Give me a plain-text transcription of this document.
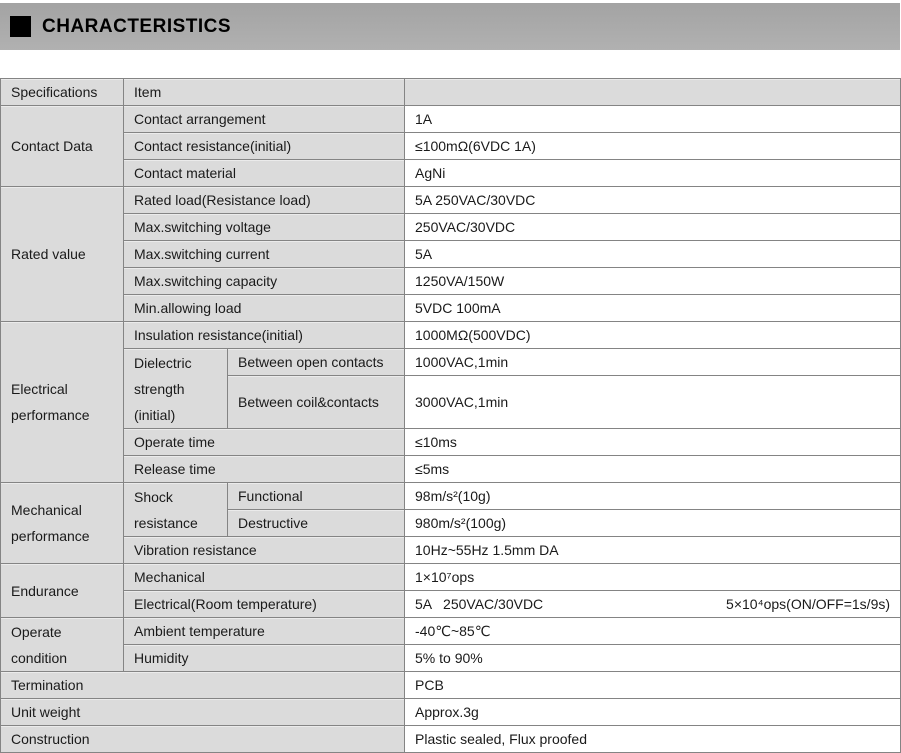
CHARACTERISTICS
Specifications	Item		
Contact Data	Contact arrangement		1A
	Contact resistance(initial)		≤100mΩ(6VDC 1A)
	Contact material		AgNi
Rated value	Rated load(Resistance load)		5A 250VAC/30VDC
	Max.switching voltage		250VAC/30VDC
	Max.switching current		5A
	Max.switching capacity		1250VA/150W
	Min.allowing load		5VDC 100mA
Electrical performance	Insulation resistance(initial)		1000MΩ(500VDC)
	Dielectric strength (initial)	Between open contacts	1000VAC,1min
		Between coil&contacts	3000VAC,1min
	Operate time		≤10ms
	Release time		≤5ms
Mechanical performance	Shock resistance	Functional	98m/s²(10g)
		Destructive	980m/s²(100g)
	Vibration resistance		10Hz~55Hz 1.5mm DA
Endurance	Mechanical		1×10⁷ops
	Electrical(Room temperature)		5A   250VAC/30VDC 5×10⁴ops(ON/OFF=1s/9s)

Operate condition	Ambient temperature		-40℃~85℃
	Humidity		5% to 90%
Termination			PCB
Unit weight			Approx.3g
Construction			Plastic sealed, Flux proofed
